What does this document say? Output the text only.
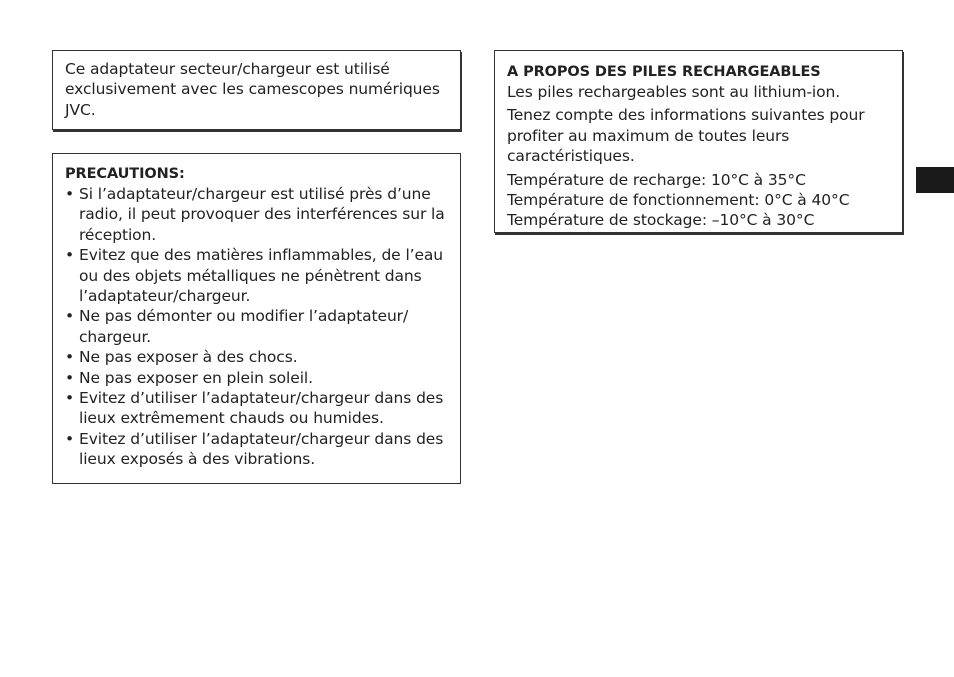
Ce adaptateur secteur/chargeur est utilisé exclusivement avec les camescopes numériques JVC.

PRECAUTIONS:
• Si l’adaptateur/chargeur est utilisé près d’une radio, il peut provoquer des interférences sur la réception.
• Evitez que des matières inflammables, de l’eau ou des objets métalliques ne pénètrent dans l’adaptateur/chargeur.
• Ne pas démonter ou modifier l’adaptateur/ chargeur.
• Ne pas exposer à des chocs.
• Ne pas exposer en plein soleil.
• Evitez d’utiliser l’adaptateur/chargeur dans des lieux extrêmement chauds ou humides.
• Evitez d’utiliser l’adaptateur/chargeur dans des lieux exposés à des vibrations.
A PROPOS DES PILES RECHARGEABLES

Les piles rechargeables sont au lithium-ion.

Tenez compte des informations suivantes pour profiter au maximum de toutes leurs caractéristiques.

Température de recharge: 10°C à 35°C

Température de fonctionnement: 0°C à 40°C

Température de stockage: –10°C à 30°C
